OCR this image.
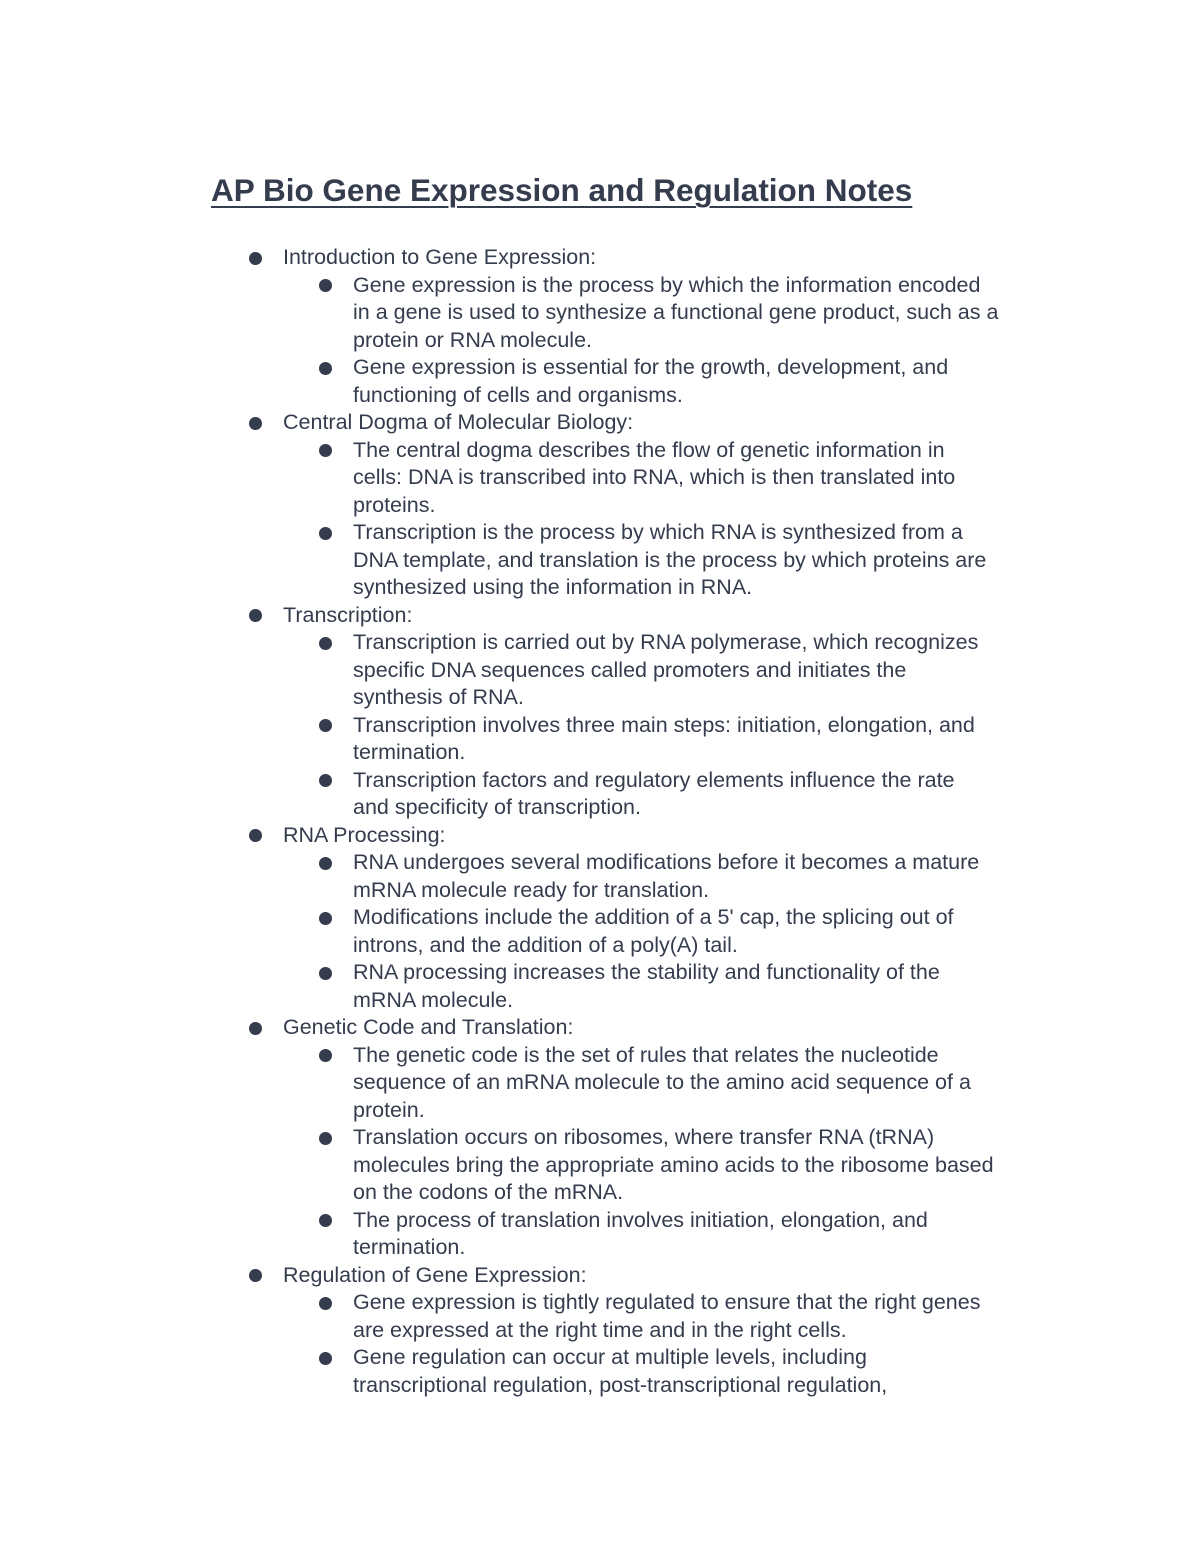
AP Bio Gene Expression and Regulation Notes
Introduction to Gene Expression:
Gene expression is the process by which the information encoded
in a gene is used to synthesize a functional gene product, such as a
protein or RNA molecule.
Gene expression is essential for the growth, development, and
functioning of cells and organisms.
Central Dogma of Molecular Biology:
The central dogma describes the flow of genetic information in
cells: DNA is transcribed into RNA, which is then translated into
proteins.
Transcription is the process by which RNA is synthesized from a
DNA template, and translation is the process by which proteins are
synthesized using the information in RNA.
Transcription:
Transcription is carried out by RNA polymerase, which recognizes
specific DNA sequences called promoters and initiates the
synthesis of RNA.
Transcription involves three main steps: initiation, elongation, and
termination.
Transcription factors and regulatory elements influence the rate
and specificity of transcription.
RNA Processing:
RNA undergoes several modifications before it becomes a mature
mRNA molecule ready for translation.
Modifications include the addition of a 5' cap, the splicing out of
introns, and the addition of a poly(A) tail.
RNA processing increases the stability and functionality of the
mRNA molecule.
Genetic Code and Translation:
The genetic code is the set of rules that relates the nucleotide
sequence of an mRNA molecule to the amino acid sequence of a
protein.
Translation occurs on ribosomes, where transfer RNA (tRNA)
molecules bring the appropriate amino acids to the ribosome based
on the codons of the mRNA.
The process of translation involves initiation, elongation, and
termination.
Regulation of Gene Expression:
Gene expression is tightly regulated to ensure that the right genes
are expressed at the right time and in the right cells.
Gene regulation can occur at multiple levels, including
transcriptional regulation, post-transcriptional regulation,
